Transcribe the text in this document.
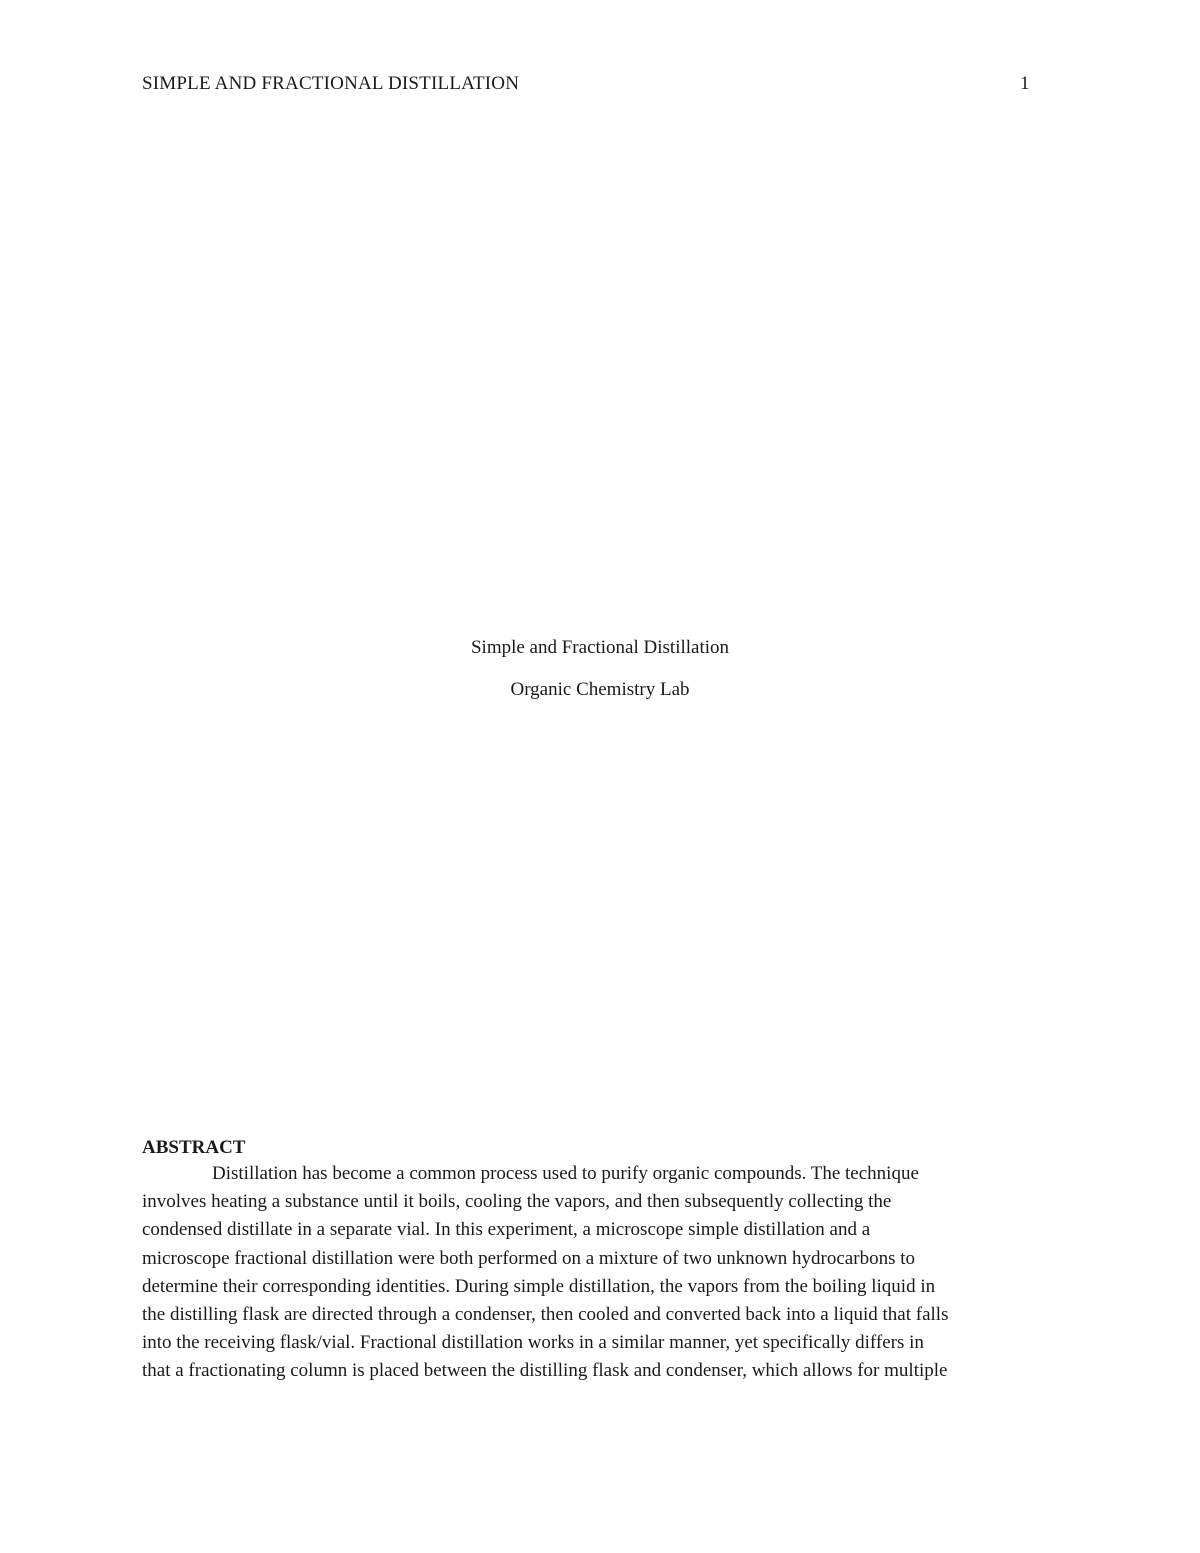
SIMPLE AND FRACTIONAL DISTILLATION	1
Simple and Fractional Distillation
Organic Chemistry Lab
ABSTRACT
Distillation has become a common process used to purify organic compounds. The technique
involves heating a substance until it boils, cooling the vapors, and then subsequently collecting the
condensed distillate in a separate vial. In this experiment, a microscope simple distillation and a
microscope fractional distillation were both performed on a mixture of two unknown hydrocarbons to
determine their corresponding identities. During simple distillation, the vapors from the boiling liquid in
the distilling flask are directed through a condenser, then cooled and converted back into a liquid that falls
into the receiving flask/vial. Fractional distillation works in a similar manner, yet specifically differs in
that a fractionating column is placed between the distilling flask and condenser, which allows for multiple
